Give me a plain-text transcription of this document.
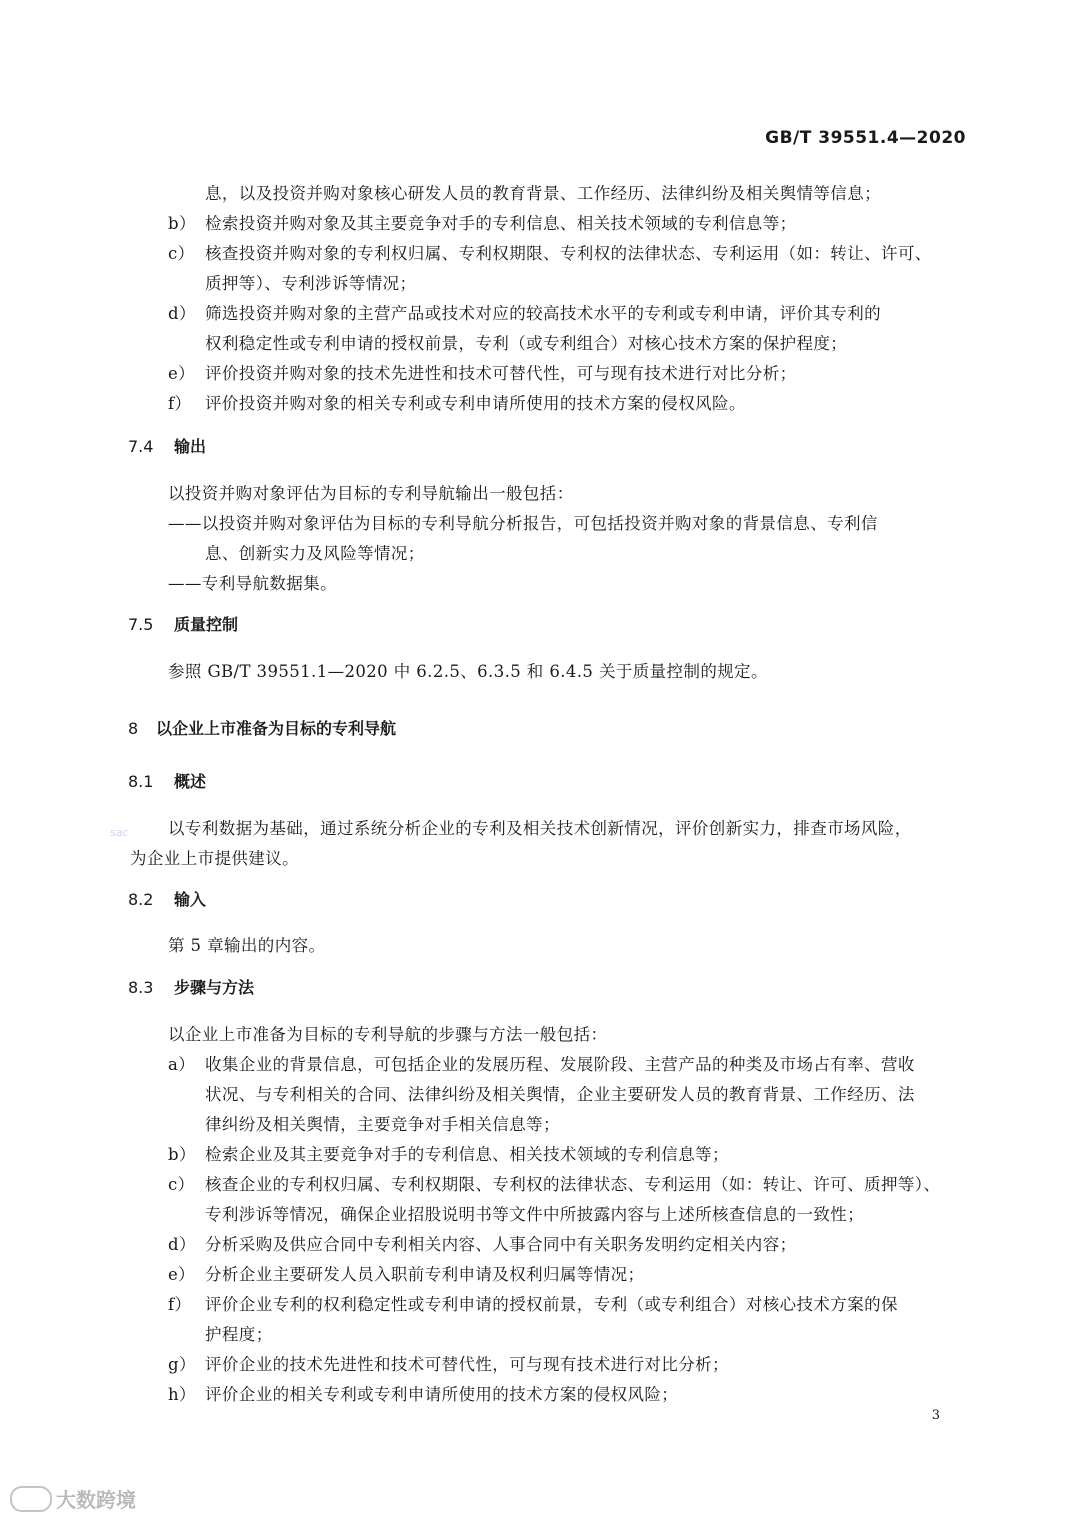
GB/T 39551.4—2020
息，以及投资并购对象核心研发人员的教育背景、工作经历、法律纠纷及相关舆情等信息；
b） 检索投资并购对象及其主要竞争对手的专利信息、相关技术领域的专利信息等；
c） 核查投资并购对象的专利权归属、专利权期限、专利权的法律状态、专利运用（如：转让、许可、
质押等）、专利涉诉等情况；
d） 筛选投资并购对象的主营产品或技术对应的较高技术水平的专利或专利申请，评价其专利的
权利稳定性或专利申请的授权前景，专利（或专利组合）对核心技术方案的保护程度；
e） 评价投资并购对象的技术先进性和技术可替代性，可与现有技术进行对比分析；
f） 评价投资并购对象的相关专利或专利申请所使用的技术方案的侵权风险。
7.4 输出
以投资并购对象评估为目标的专利导航输出一般包括：
——以投资并购对象评估为目标的专利导航分析报告，可包括投资并购对象的背景信息、专利信
息、创新实力及风险等情况；
——专利导航数据集。
7.5 质量控制
参照 GB/T 39551.1—2020 中 6.2.5、6.3.5 和 6.4.5 关于质量控制的规定。
8 以企业上市准备为目标的专利导航
8.1 概述
以专利数据为基础，通过系统分析企业的专利及相关技术创新情况，评价创新实力，排查市场风险，
为企业上市提供建议。
sac
8.2 输入
第 5 章输出的内容。
8.3 步骤与方法
以企业上市准备为目标的专利导航的步骤与方法一般包括：
a） 收集企业的背景信息，可包括企业的发展历程、发展阶段、主营产品的种类及市场占有率、营收
状况、与专利相关的合同、法律纠纷及相关舆情，企业主要研发人员的教育背景、工作经历、法
律纠纷及相关舆情，主要竞争对手相关信息等；
b） 检索企业及其主要竞争对手的专利信息、相关技术领域的专利信息等；
c） 核查企业的专利权归属、专利权期限、专利权的法律状态、专利运用（如：转让、许可、质押等）、
专利涉诉等情况，确保企业招股说明书等文件中所披露内容与上述所核查信息的一致性；
d） 分析采购及供应合同中专利相关内容、人事合同中有关职务发明约定相关内容；
e） 分析企业主要研发人员入职前专利申请及权利归属等情况；
f） 评价企业专利的权利稳定性或专利申请的授权前景，专利（或专利组合）对核心技术方案的保
护程度；
g） 评价企业的技术先进性和技术可替代性，可与现有技术进行对比分析；
h） 评价企业的相关专利或专利申请所使用的技术方案的侵权风险；
3
大数跨境
